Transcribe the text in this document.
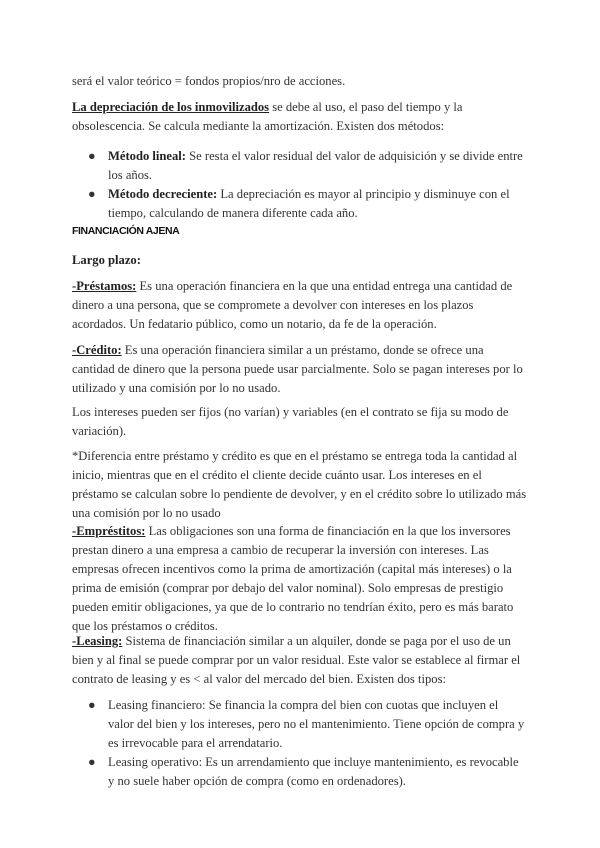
será el valor teórico = fondos propios/nro de acciones.

La depreciación de los inmovilizados se debe al uso, el paso del tiempo y la obsolescencia. Se calcula mediante la amortización. Existen dos métodos:

● Método lineal: Se resta el valor residual del valor de adquisición y se divide entre los años.
● Método decreciente: La depreciación es mayor al principio y disminuye con el tiempo, calculando de manera diferente cada año.
FINANCIACIÓN AJENA

Largo plazo:

-Préstamos: Es una operación financiera en la que una entidad entrega una cantidad de dinero a una persona, que se compromete a devolver con intereses en los plazos acordados. Un fedatario público, como un notario, da fe de la operación.

-Crédito: Es una operación financiera similar a un préstamo, donde se ofrece una cantidad de dinero que la persona puede usar parcialmente. Solo se pagan intereses por lo utilizado y una comisión por lo no usado.

Los intereses pueden ser fijos (no varían) y variables (en el contrato se fija su modo de variación).

*Diferencia entre préstamo y crédito es que en el préstamo se entrega toda la cantidad al inicio, mientras que en el crédito el cliente decide cuánto usar. Los intereses en el préstamo se calculan sobre lo pendiente de devolver, y en el crédito sobre lo utilizado más una comisión por lo no usado

-Empréstitos: Las obligaciones son una forma de financiación en la que los inversores prestan dinero a una empresa a cambio de recuperar la inversión con intereses. Las empresas ofrecen incentivos como la prima de amortización (capital más intereses) o la prima de emisión (comprar por debajo del valor nominal). Solo empresas de prestigio pueden emitir obligaciones, ya que de lo contrario no tendrían éxito, pero es más barato que los préstamos o créditos.

-Leasing: Sistema de financiación similar a un alquiler, donde se paga por el uso de un bien y al final se puede comprar por un valor residual. Este valor se establece al firmar el contrato de leasing y es < al valor del mercado del bien. Existen dos tipos:

● Leasing financiero: Se financia la compra del bien con cuotas que incluyen el valor del bien y los intereses, pero no el mantenimiento. Tiene opción de compra y es irrevocable para el arrendatario.
● Leasing operativo: Es un arrendamiento que incluye mantenimiento, es revocable y no suele haber opción de compra (como en ordenadores).
